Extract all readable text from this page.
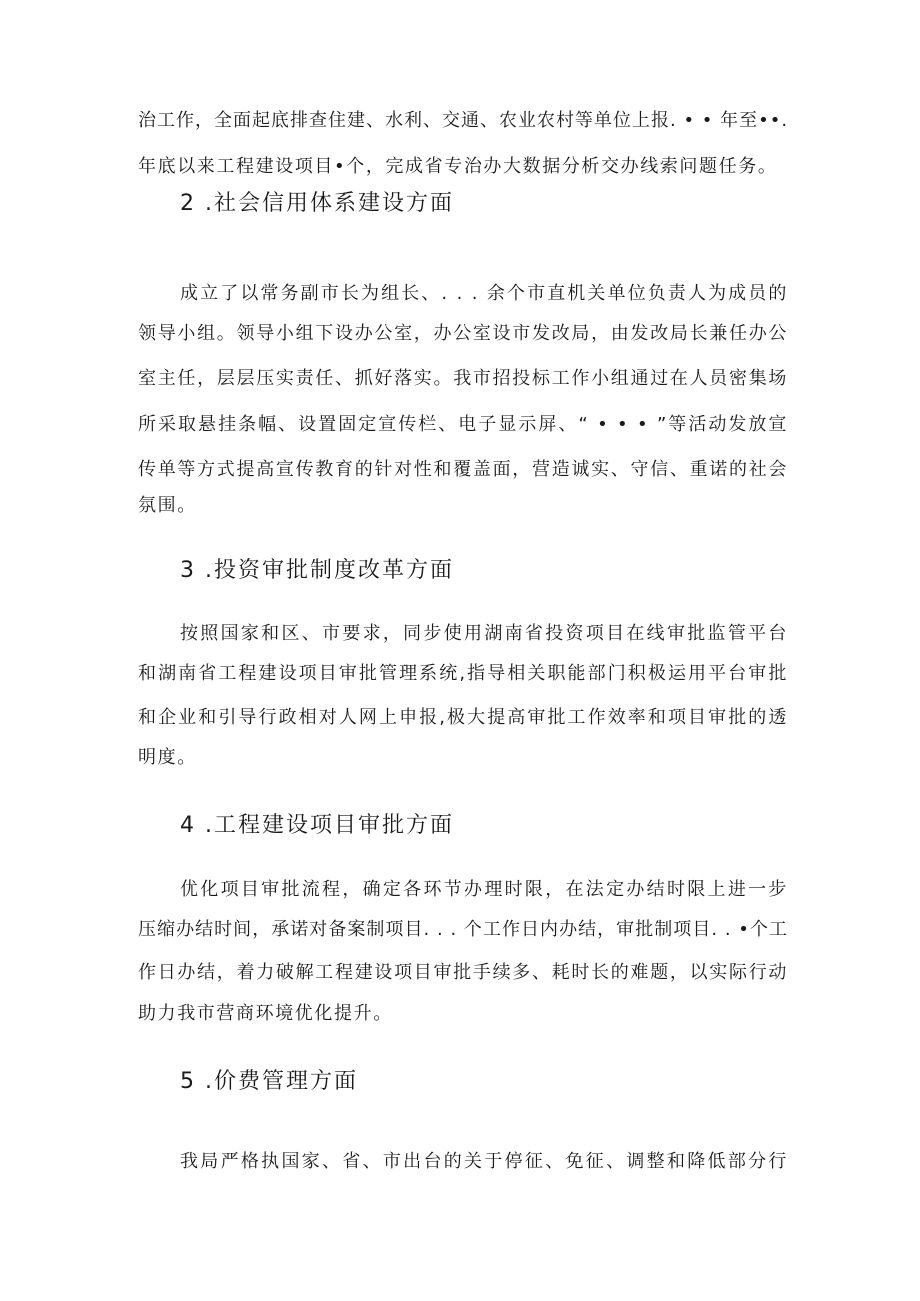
治工作，全面起底排查住建、水利、交通、农业农村等单位上报. • • 年至••.
年底以来工程建设项目•个，完成省专治办大数据分析交办线索问题任务。
2 .社会信用体系建设方面
成立了以常务副市长为组长、. . . 余个市直机关单位负责人为成员的
领导小组。领导小组下设办公室，办公室设市发改局，由发改局长兼任办公
室主任，层层压实责任、抓好落实。我市招投标工作小组通过在人员密集场
所采取悬挂条幅、设置固定宣传栏、电子显示屏、“ • • • ”等活动发放宣
传单等方式提高宣传教育的针对性和覆盖面，营造诚实、守信、重诺的社会
氛围。
3 .投资审批制度改革方面
按照国家和区、市要求，同步使用湖南省投资项目在线审批监管平台
和湖南省工程建设项目审批管理系统,指导相关职能部门积极运用平台审批
和企业和引导行政相对人网上申报,极大提高审批工作效率和项目审批的透
明度。
4 .工程建设项目审批方面
优化项目审批流程，确定各环节办理时限，在法定办结时限上进一步
压缩办结时间，承诺对备案制项目. . . 个工作日内办结，审批制项目. . •个工
作日办结，着力破解工程建设项目审批手续多、耗时长的难题，以实际行动
助力我市营商环境优化提升。
5 .价费管理方面
我局严格执国家、省、市出台的关于停征、免征、调整和降低部分行
